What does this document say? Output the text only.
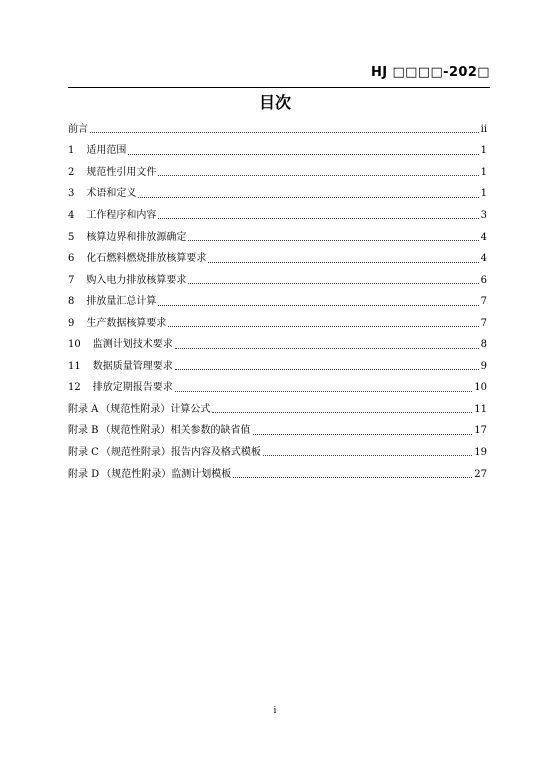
HJ □□□□-202□
目次
前言	ii
1 适用范围	1
2 规范性引用文件	1
3 术语和定义	1
4 工作程序和内容	3
5 核算边界和排放源确定	4
6 化石燃料燃烧排放核算要求	4
7 购入电力排放核算要求	6
8 排放量汇总计算	7
9 生产数据核算要求	7
10 监测计划技术要求	8
11 数据质量管理要求	9
12 排放定期报告要求	10
附录 A （规范性附录） 计算公式	11
附录 B （规范性附录） 相关参数的缺省值	17
附录 C （规范性附录） 报告内容及格式模板	19
附录 D （规范性附录） 监测计划模板	27
i
